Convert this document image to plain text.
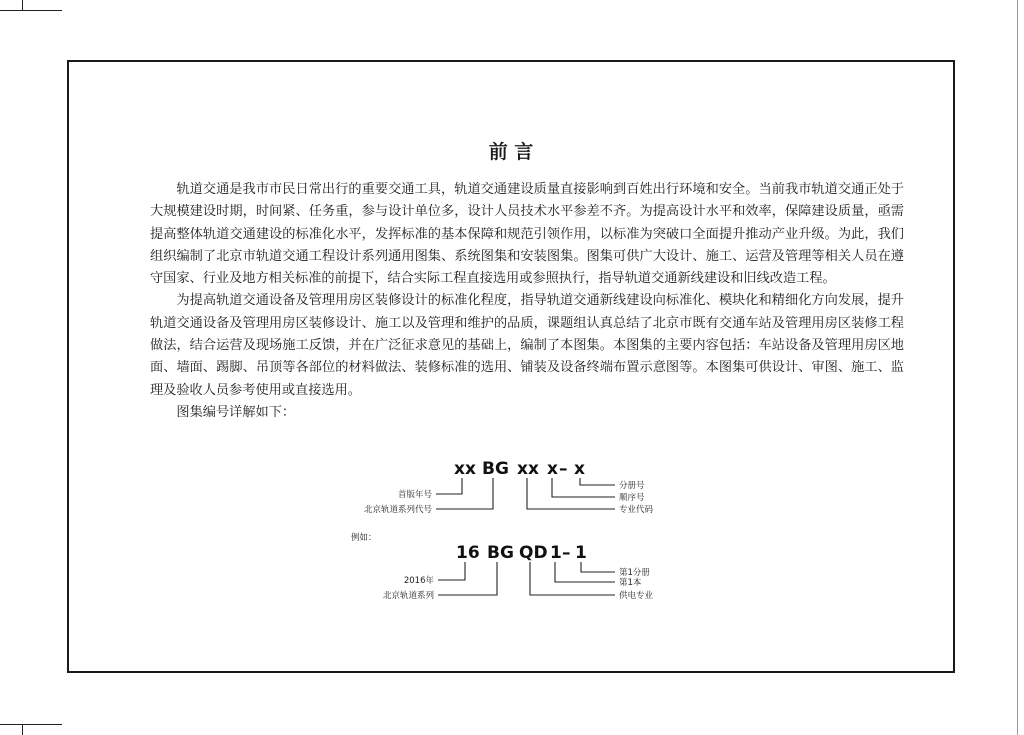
前 言

轨道交通是我市市民日常出行的重要交通工具，轨道交通建设质量直接影响到百姓出行环境和安全。当前我市轨道交通正处于大规模建设时期，时间紧、任务重，参与设计单位多，设计人员技术水平参差不齐。为提高设计水平和效率，保障建设质量，亟需提高整体轨道交通建设的标准化水平，发挥标准的基本保障和规范引领作用，以标准为突破口全面提升推动产业升级。为此，我们组织编制了北京市轨道交通工程设计系列通用图集、系统图集和安装图集。图集可供广大设计、施工、运营及管理等相关人员在遵守国家、行业及地方相关标准的前提下，结合实际工程直接选用或参照执行，指导轨道交通新线建设和旧线改造工程。

为提高轨道交通设备及管理用房区装修设计的标准化程度，指导轨道交通新线建设向标准化、模块化和精细化方向发展，提升轨道交通设备及管理用房区装修设计、施工以及管理和维护的品质，课题组认真总结了北京市既有交通车站及管理用房区装修工程做法，结合运营及现场施工反馈，并在广泛征求意见的基础上，编制了本图集。本图集的主要内容包括：车站设备及管理用房区地面、墙面、踢脚、吊顶等各部位的材料做法、装修标准的选用、铺装及设备终端布置示意图等。本图集可供设计、审图、施工、监理及验收人员参考使用或直接选用。

图集编号详解如下：

xx BG xx x – x
分册号
顺序号
专业代码
首版年号
北京轨道系列代号
例如：
16 BG QD 1 – 1
第1分册
第1本
供电专业
2016年
北京轨道系列
